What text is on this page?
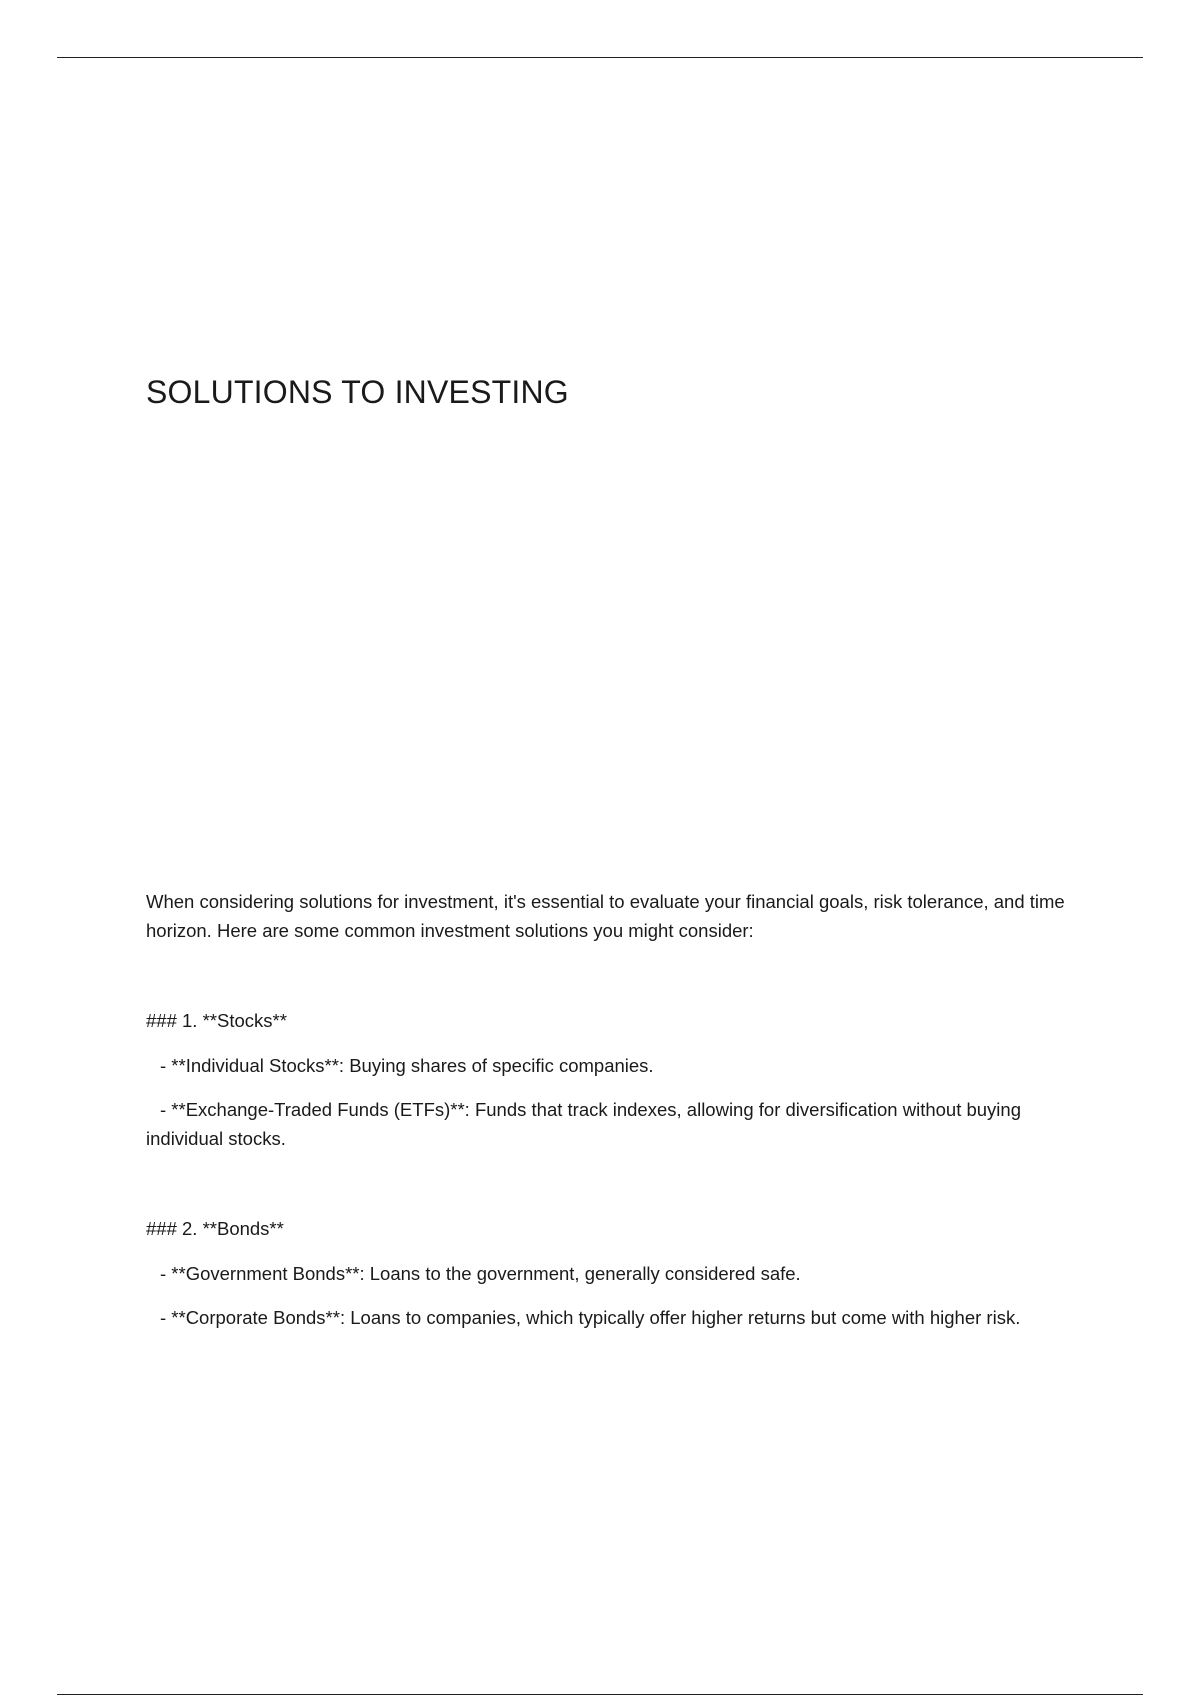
SOLUTIONS TO INVESTING

When considering solutions for investment, it's essential to evaluate your financial goals, risk tolerance, and time horizon. Here are some common investment solutions you might consider:

### 1. **Stocks**

- **Individual Stocks**: Buying shares of specific companies.

- **Exchange-Traded Funds (ETFs)**: Funds that track indexes, allowing for diversification without buying individual stocks.

### 2. **Bonds**

- **Government Bonds**: Loans to the government, generally considered safe.

- **Corporate Bonds**: Loans to companies, which typically offer higher returns but come with higher risk.
